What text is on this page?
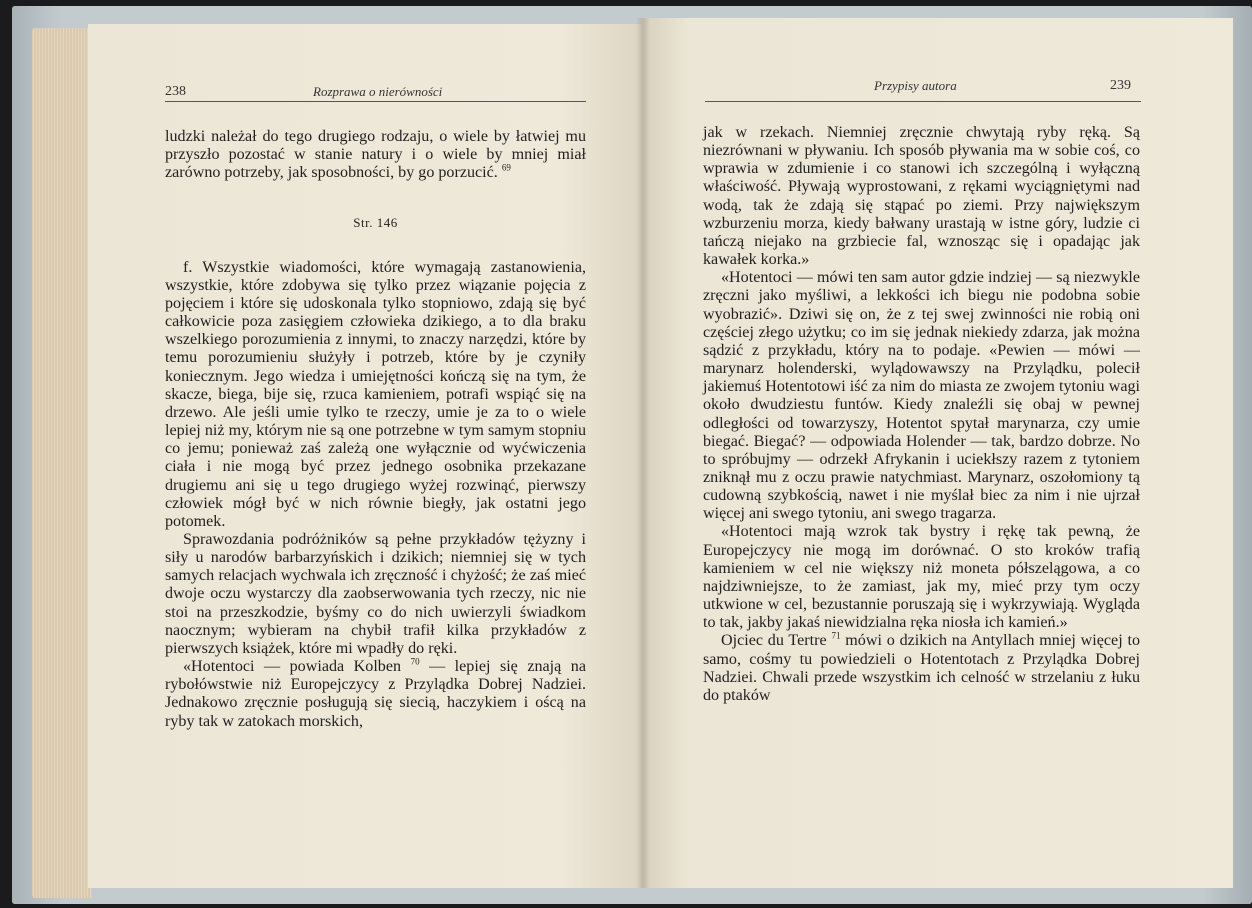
238	Rozprawa o nierówności

ludzki należał do tego drugiego rodzaju, o wiele by łatwiej mu przyszło pozostać w stanie natury i o wiele by mniej miał zarówno potrzeby, jak sposobności, by go porzucić. $^{69}$

Str. 146

f. Wszystkie wiadomości, które wymagają zastanowienia, wszystkie, które zdobywa się tylko przez wiązanie pojęcia z pojęciem i które się udoskonala tylko stopniowo, zdają się być całkowicie poza zasięgiem człowieka dzikiego, a to dla braku wszelkiego porozumienia z innymi, to znaczy narzędzi, które by temu porozumieniu służyły i potrzeb, które by je czyniły koniecznym. Jego wiedza i umiejętności kończą się na tym, że skacze, biega, bije się, rzuca kamieniem, potrafi wspiąć się na drzewo. Ale jeśli umie tylko te rzeczy, umie je za to o wiele lepiej niż my, którym nie są one potrzebne w tym samym stopniu co jemu; ponieważ zaś zależą one wyłącznie od wyćwiczenia ciała i nie mogą być przez jednego osobnika przekazane drugiemu ani się u tego drugiego wyżej rozwinąć, pierwszy człowiek mógł być w nich równie biegły, jak ostatni jego potomek.

Sprawozdania podróżników są pełne przykładów tężyzny i siły u narodów barbarzyńskich i dzikich; niemniej się w tych samych relacjach wychwala ich zręczność i chyżość; że zaś mieć dwoje oczu wystarczy dla zaobserwowania tych rzeczy, nic nie stoi na przeszkodzie, byśmy co do nich uwierzyli świadkom naocznym; wybieram na chybił trafił kilka przykładów z pierwszych książek, które mi wpadły do ręki.

«Hotentoci — powiada Kolben $^{70}$ — lepiej się znają na rybołówstwie niż Europejczycy z Przylądka Dobrej Nadziei. Jednakowo zręcznie posługują się siecią, haczykiem i oścą na ryby tak w zatokach morskich,

Przypisy autora	239

jak w rzekach. Niemniej zręcznie chwytają ryby ręką. Są niezrównani w pływaniu. Ich sposób pływania ma w sobie coś, co wprawia w zdumienie i co stanowi ich szczególną i wyłączną właściwość. Pływają wyprostowani, z rękami wyciągniętymi nad wodą, tak że zdają się stąpać po ziemi. Przy największym wzburzeniu morza, kiedy bałwany urastają w istne góry, ludzie ci tańczą niejako na grzbiecie fal, wznosząc się i opadając jak kawałek korka.»

«Hotentoci — mówi ten sam autor gdzie indziej — są niezwykle zręczni jako myśliwi, a lekkości ich biegu nie podobna sobie wyobrazić». Dziwi się on, że z tej swej zwinności nie robią oni częściej złego użytku; co im się jednak niekiedy zdarza, jak można sądzić z przykładu, który na to podaje. «Pewien — mówi — marynarz holenderski, wylądowawszy na Przylądku, polecił jakiemuś Hotentotowi iść za nim do miasta ze zwojem tytoniu wagi około dwudziestu funtów. Kiedy znaleźli się obaj w pewnej odległości od towarzyszy, Hotentot spytał marynarza, czy umie biegać. Biegać? — odpowiada Holender — tak, bardzo dobrze. No to spróbujmy — odrzekł Afrykanin i uciekłszy razem z tytoniem zniknął mu z oczu prawie natychmiast. Marynarz, oszołomiony tą cudowną szybkością, nawet i nie myślał biec za nim i nie ujrzał więcej ani swego tytoniu, ani swego tragarza.

«Hotentoci mają wzrok tak bystry i rękę tak pewną, że Europejczycy nie mogą im dorównać. O sto kroków trafią kamieniem w cel nie większy niż moneta półszelągowa, a co najdziwniejsze, to że zamiast, jak my, mieć przy tym oczy utkwione w cel, bezustannie poruszają się i wykrzywiają. Wygląda to tak, jakby jakaś niewidzialna ręka niosła ich kamień.»

Ojciec du Tertre $^{71}$ mówi o dzikich na Antyllach mniej więcej to samo, cośmy tu powiedzieli o Hotentotach z Przylądka Dobrej Nadziei. Chwali przede wszystkim ich celność w strzelaniu z łuku do ptaków
